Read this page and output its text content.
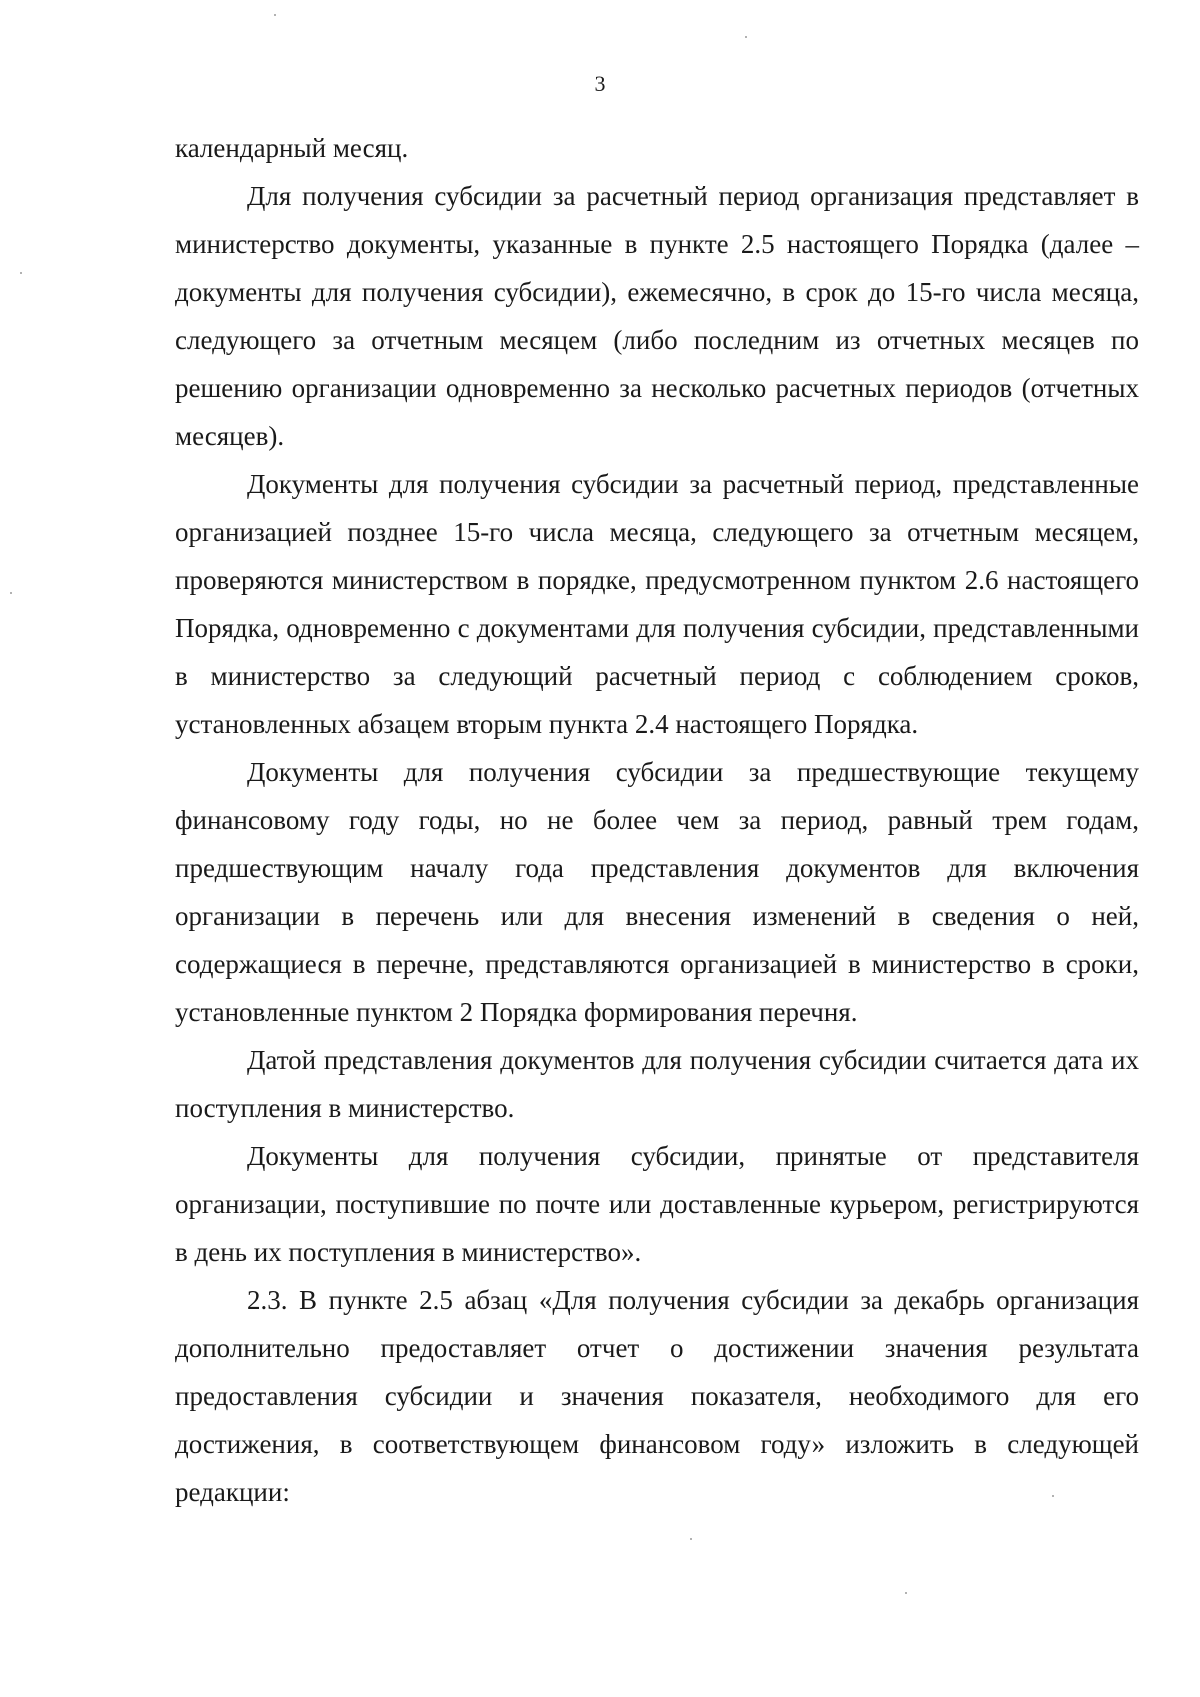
3

календарный месяц.

Для получения субсидии за расчетный период организация представляет в министерство документы, указанные в пункте 2.5 настоящего Порядка (далее – документы для получения субсидии), ежемесячно, в срок до 15-го числа месяца, следующего за отчетным месяцем (либо последним из отчетных месяцев по решению организации одновременно за несколько расчетных периодов (отчетных месяцев).

Документы для получения субсидии за расчетный период, представленные организацией позднее 15-го числа месяца, следующего за отчетным месяцем, проверяются министерством в порядке, предусмотренном пунктом 2.6 настоящего Порядка, одновременно с документами для получения субсидии, представленными в министерство за следующий расчетный период с соблюдением сроков, установленных абзацем вторым пункта 2.4 настоящего Порядка.

Документы для получения субсидии за предшествующие текущему финансовому году годы, но не более чем за период, равный трем годам, предшествующим началу года представления документов для включения организации в перечень или для внесения изменений в сведения о ней, содержащиеся в перечне, представляются организацией в министерство в сроки, установленные пунктом 2 Порядка формирования перечня.

Датой представления документов для получения субсидии считается дата их поступления в министерство.

Документы для получения субсидии, принятые от представителя организации, поступившие по почте или доставленные курьером, регистрируются в день их поступления в министерство».

2.3. В пункте 2.5 абзац «Для получения субсидии за декабрь организация дополнительно предоставляет отчет о достижении значения результата предоставления субсидии и значения показателя, необходимого для его достижения, в соответствующем финансовом году» изложить в следующей редакции:
